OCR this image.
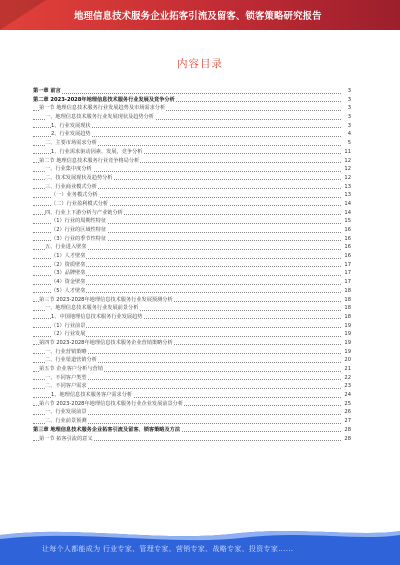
地理信息技术服务企业拓客引流及留客、锁客策略研究报告
内容目录
第一章 前言	3
第二章 2023-2028年地理信息技术服务行业发展及竞争分析	3
第一节 地理信息技术服务行业发展趋势及市场需求分析	3
一、地理信息技术服务行业发展现状及趋势分析	3
1、行业发展现状	3
2、行业发展趋势	4
二、主要市场需求分析	5
1、行业需求驱动因素、发展、竞争分析	11
第二节 地理信息技术服务行业竞争格局分析	12
一、行业集中度分析	12
二、技术发展现状及趋势分析	12
三、行业商业模式分析	13
（一）业务模式分析	13
（二）行业盈利模式分析	14
四、行业上下游分析与产业链分析	14
（1）行业的周期性特征	15
（2）行业的区域性特征	16
（3）行业的季节性特征	16
五、行业进入壁垒	16
（1）人才壁垒	16
（2）资质壁垒	17
（3）品牌壁垒	17
（4）资金壁垒	17
（5）人才壁垒	18
第三节 2023-2028年地理信息技术服务行业发展预测分析	18
一、地理信息技术服务行业发展前景分析	18
1、中国地理信息技术服务行业发展趋势	18
（1）行业前景	19
（2）行业发展	19
第四节 2023-2028年地理信息技术服务企业营销策略分析	19
一、行业营销策略	19
二、行业渠道营销分析	20
第五节 企业客户分析与营销	21
一、不同客户类型	22
二、不同客户需求	23
1、地理信息技术服务客户需求分析	24
第六节 2023-2028年地理信息技术服务行业企业发展前景分析	25
一、行业发展前景	26
二、行业前景预测	27
第三章 地理信息技术服务企业拓客引流及留客、锁客策略及方法	28
第一节 拓客引流的意义	28
让每个人都能成为 行业专家、管理专家、营销专家、战略专家、投资专家......
